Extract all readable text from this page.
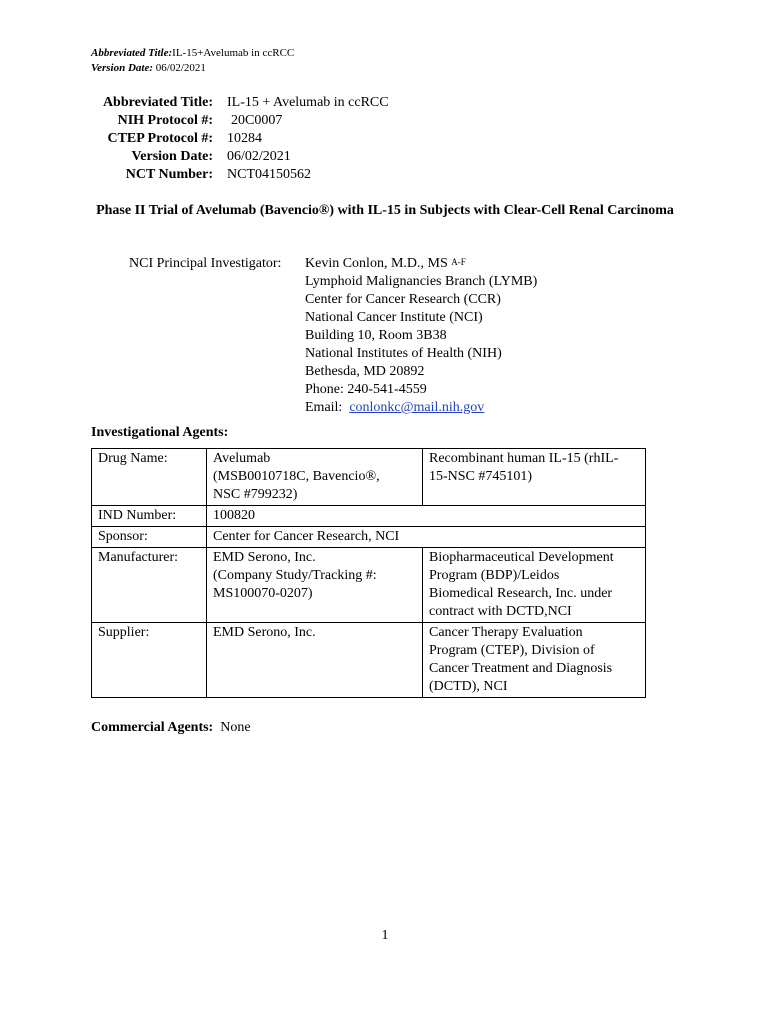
Abbreviated Title:IL-15+Avelumab in ccRCC
Version Date: 06/02/2021
Abbreviated Title: IL-15 + Avelumab in ccRCC
NIH Protocol #: 20C0007
CTEP Protocol #: 10284
Version Date: 06/02/2021
NCT Number: NCT04150562
Phase II Trial of Avelumab (Bavencio®) with IL-15 in Subjects with Clear-Cell Renal Carcinoma
NCI Principal Investigator:	Kevin Conlon, M.D., MS $^{A-F}$
Lymphoid Malignancies Branch (LYMB)
Center for Cancer Research (CCR)
National Cancer Institute (NCI)
Building 10, Room 3B38
National Institutes of Health (NIH)
Bethesda, MD 20892
Phone: 240-541-4559
Email: conlonkc@mail.nih.gov
Investigational Agents:
Drug Name:	Avelumab
(MSB0010718C, Bavencio®,
NSC #799232)	Recombinant human IL-15 (rhIL-
15-NSC #745101)
IND Number:	100820	
Sponsor:	Center for Cancer Research, NCI	
Manufacturer:	EMD Serono, Inc.
(Company Study/Tracking #:
MS100070-0207)	Biopharmaceutical Development
Program (BDP)/Leidos
Biomedical Research, Inc. under
contract with DCTD,NCI
Supplier:	EMD Serono, Inc.	Cancer Therapy Evaluation
Program (CTEP), Division of
Cancer Treatment and Diagnosis
(DCTD), NCI
Commercial Agents: None
1
